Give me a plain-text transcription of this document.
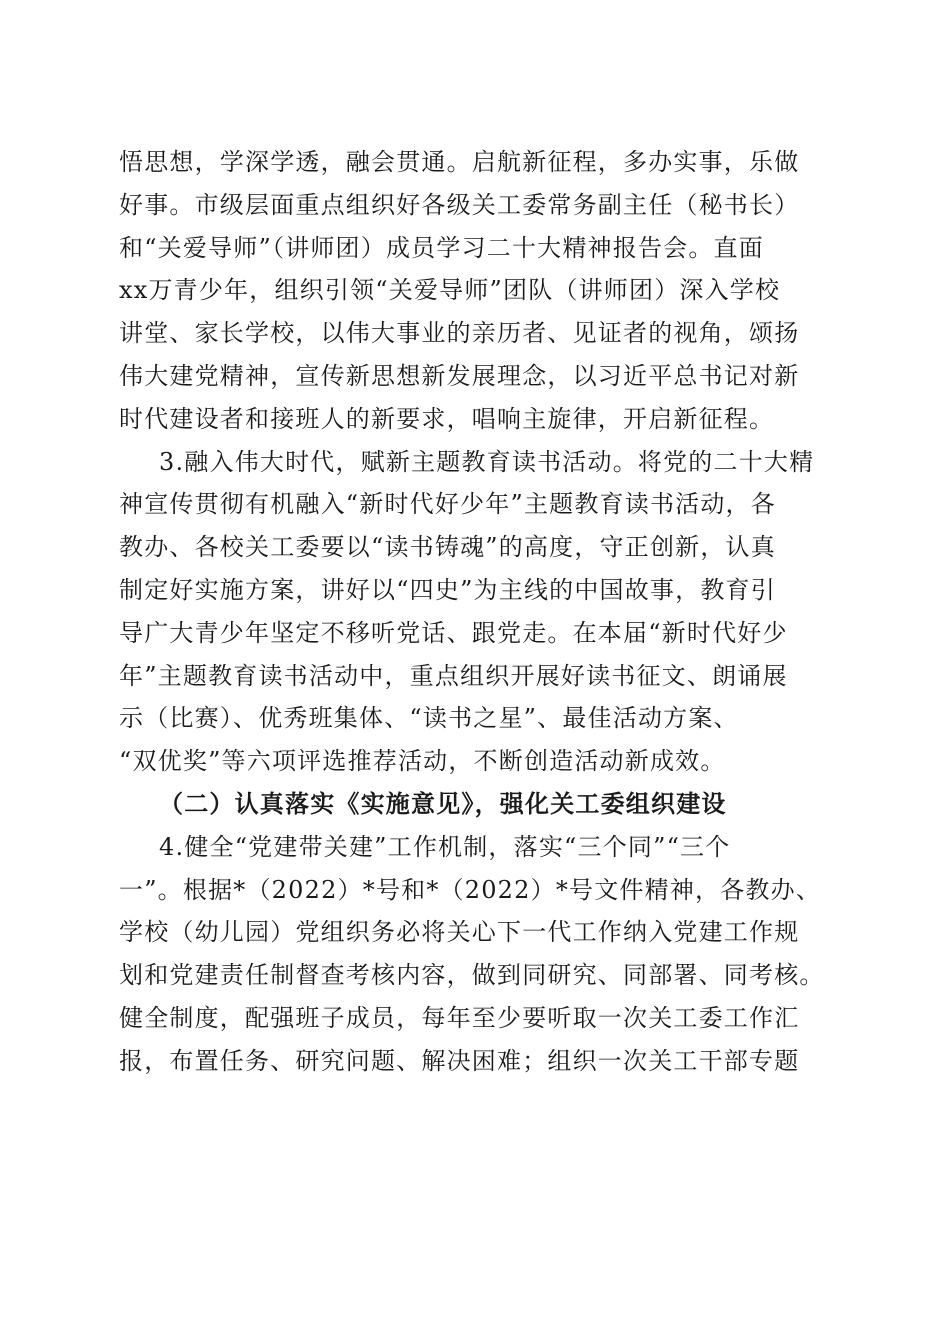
悟思想，学深学透，融会贯通。启航新征程，多办实事，乐做
好事。市级层面重点组织好各级关工委常务副主任（秘书长）
和“关爱导师”（讲师团）成员学习二十大精神报告会。直面
xx万青少年，组织引领“关爱导师”团队（讲师团）深入学校
讲堂、家长学校，以伟大事业的亲历者、见证者的视角，颂扬
伟大建党精神，宣传新思想新发展理念，以习近平总书记对新
时代建设者和接班人的新要求，唱响主旋律，开启新征程。
3.融入伟大时代，赋新主题教育读书活动。将党的二十大精
神宣传贯彻有机融入“新时代好少年”主题教育读书活动，各
教办、各校关工委要以“读书铸魂”的高度，守正创新，认真
制定好实施方案，讲好以“四史”为主线的中国故事，教育引
导广大青少年坚定不移听党话、跟党走。在本届“新时代好少
年”主题教育读书活动中，重点组织开展好读书征文、朗诵展
示（比赛）、优秀班集体、“读书之星”、最佳活动方案、
“双优奖”等六项评选推荐活动，不断创造活动新成效。
（二）认真落实《实施意见》，强化关工委组织建设
4.健全“党建带关建”工作机制，落实“三个同”“三个
一”。根据*（2022）*号和*（2022）*号文件精神，各教办、
学校（幼儿园）党组织务必将关心下一代工作纳入党建工作规
划和党建责任制督查考核内容，做到同研究、同部署、同考核。
健全制度，配强班子成员，每年至少要听取一次关工委工作汇
报，布置任务、研究问题、解决困难；组织一次关工干部专题
